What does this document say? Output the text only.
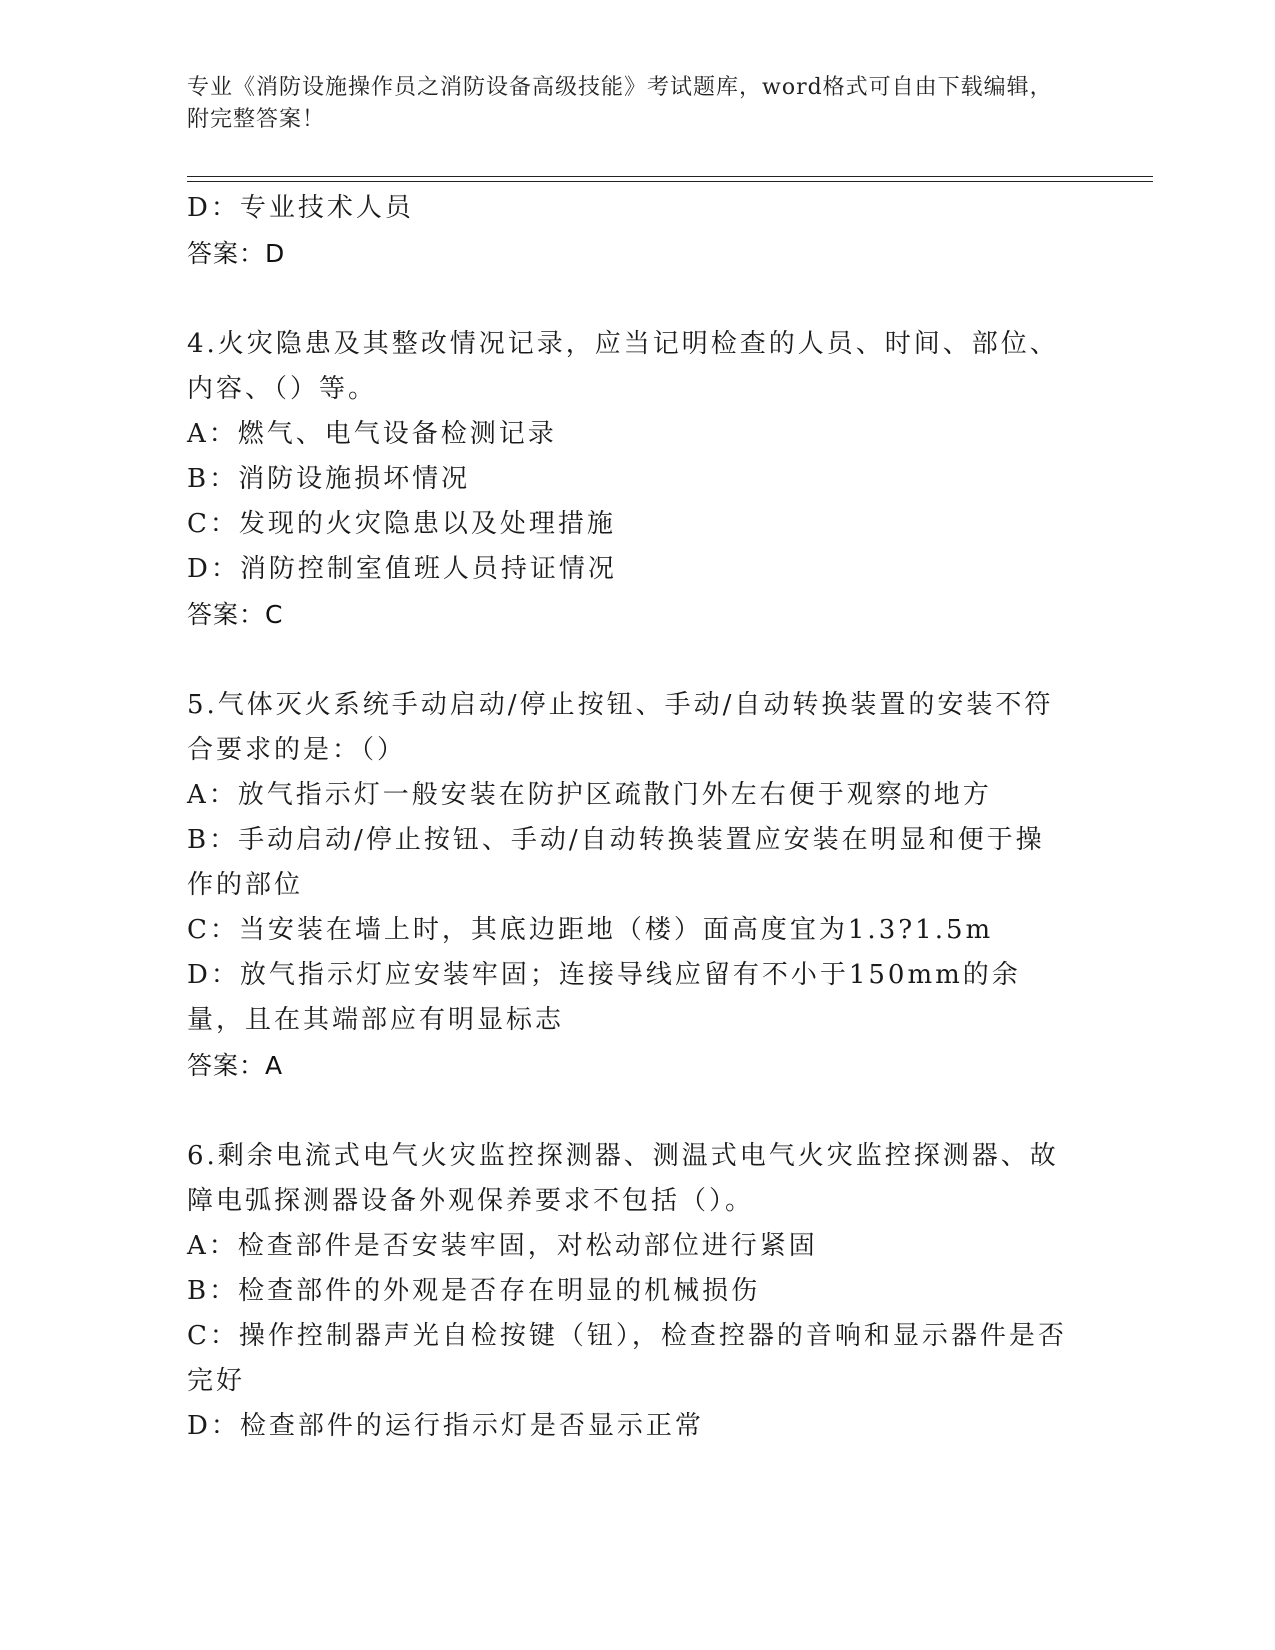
专业《消防设施操作员之消防设备高级技能》考试题库，word格式可自由下载编辑，附完整答案！
D：专业技术人员
答案：D
4.火灾隐患及其整改情况记录，应当记明检查的人员、时间、部位、内容、（）等。
A：燃气、电气设备检测记录
B：消防设施损坏情况
C：发现的火灾隐患以及处理措施
D：消防控制室值班人员持证情况
答案：C
5.气体灭火系统手动启动/停止按钮、手动/自动转换装置的安装不符合要求的是：（）
A：放气指示灯一般安装在防护区疏散门外左右便于观察的地方
B：手动启动/停止按钮、手动/自动转换装置应安装在明显和便于操作的部位
C：当安装在墙上时，其底边距地（楼）面高度宜为1.3?1.5m
D：放气指示灯应安装牢固；连接导线应留有不小于150mm的余量，且在其端部应有明显标志
答案：A
6.剩余电流式电气火灾监控探测器、测温式电气火灾监控探测器、故障电弧探测器设备外观保养要求不包括（）。
A：检查部件是否安装牢固，对松动部位进行紧固
B：检查部件的外观是否存在明显的机械损伤
C：操作控制器声光自检按键（钮），检查控器的音响和显示器件是否完好
D：检查部件的运行指示灯是否显示正常
